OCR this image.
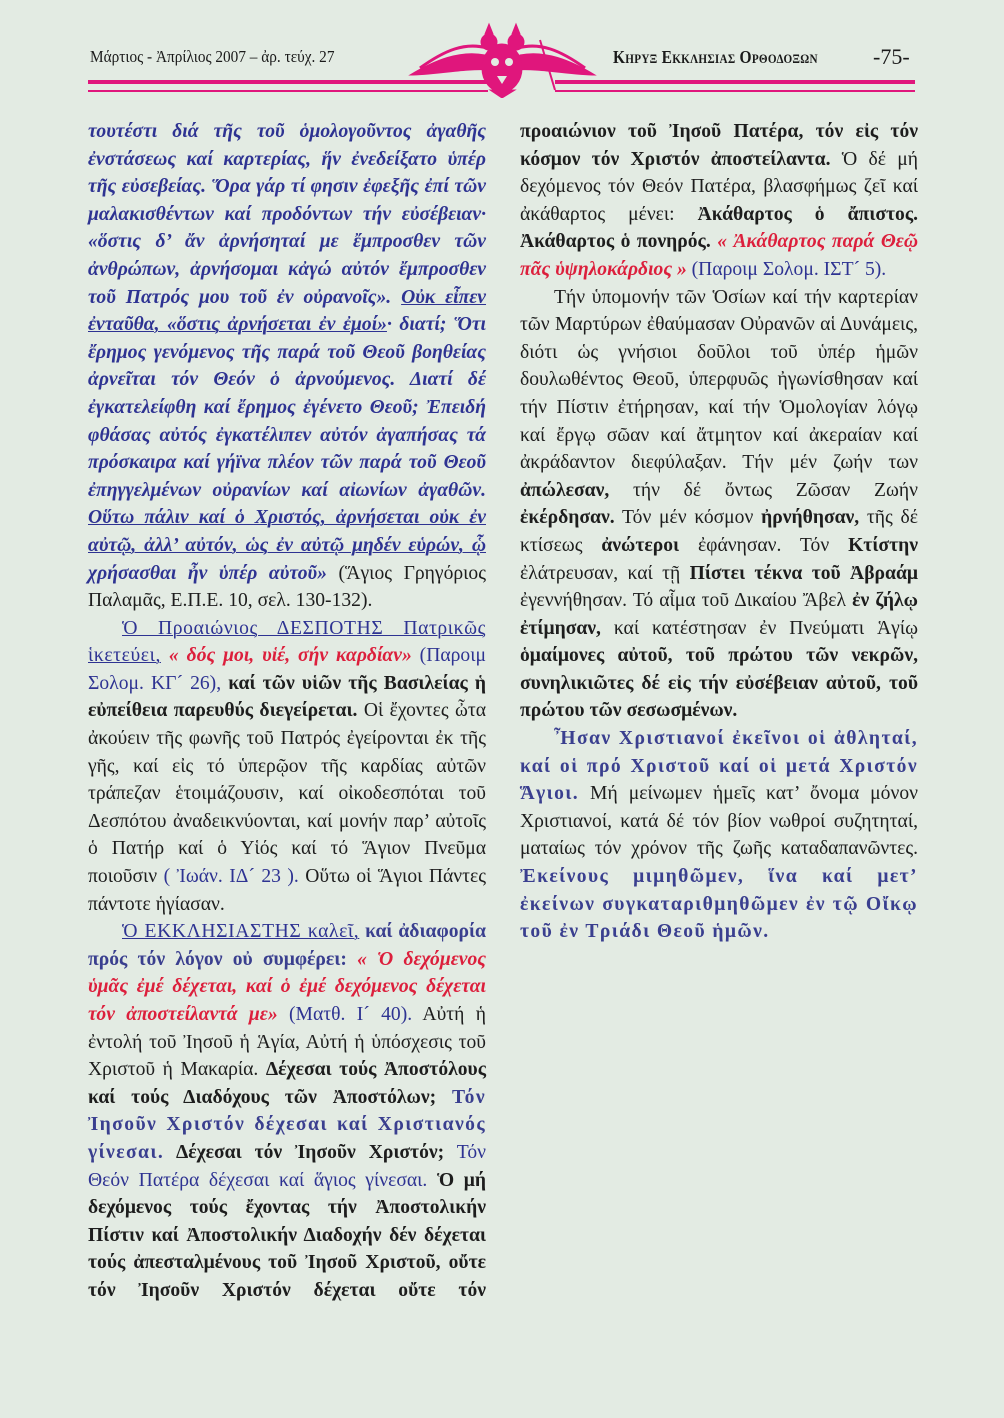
Μάρτιος - Ἀπρίλιος 2007 – ἀρ. τεύχ. 27	Κηρυξ Εκκλησιας Ορθοδοξων	-75-

τουτέστι διά τῆς τοῦ ὁμολογοῦντος ἀγαθῆς ἐνστάσεως καί καρτερίας, ἥν ἐνεδείξατο ὑπέρ τῆς εὐσεβείας. Ὅρα γάρ τί φησιν ἐφεξῆς ἐπί τῶν μαλακισθέντων καί προδόντων τήν εὐσέβειαν· «ὅστις δ’ ἄν ἀρνήσηταί με ἔμπροσθεν τῶν ἀνθρώπων, ἀρνήσομαι κἀγώ αὐτόν ἔμπροσθεν τοῦ Πατρός μου τοῦ ἐν οὐρανοῖς». Οὐκ εἶπεν ἐνταῦθα, «ὅστις ἀρνήσεται ἐν ἐμοί»· διατί; Ὅτι ἔρημος γενόμενος τῆς παρά τοῦ Θεοῦ βοηθείας ἀρνεῖται τόν Θεόν ὁ ἀρνούμενος. Διατί δέ ἐγκατελείφθη καί ἔρημος ἐγένετο Θεοῦ; Ἐπειδή φθάσας αὐτός ἐγκατέλιπεν αὐτόν ἀγαπήσας τά πρόσκαιρα καί γήϊνα πλέον τῶν παρά τοῦ Θεοῦ ἐπηγγελμένων οὐρανίων καί αἰωνίων ἀγαθῶν. Οὕτω πάλιν καί ὁ Χριστός, ἀρνήσεται οὐκ ἐν αὐτῷ, ἀλλ’ αὐτόν, ὡς ἐν αὐτῷ μηδέν εὑρών, ᾧ χρήσασθαι ἦν ὑπέρ αὐτοῦ» (Ἅγιος Γρηγόριος Παλαμᾶς, Ε.Π.Ε. 10, σελ. 130-132).

Ὁ Προαιώνιος ΔΕΣΠΟΤΗΣ Πατρικῶς ἱκετεύει, « δός μοι, υἱέ, σήν καρδίαν» (Παροιμ Σολομ. ΚΓ´ 26), καί τῶν υἱῶν τῆς Βασιλείας ἡ εὐπείθεια παρευθύς διεγείρεται. Οἱ ἔχοντες ὦτα ἀκούειν τῆς φωνῆς τοῦ Πατρός ἐγείρονται ἐκ τῆς γῆς, καί εἰς τό ὑπερῷον τῆς καρδίας αὐτῶν τράπεζαν ἑτοιμάζουσιν, καί οἰκοδεσπόται τοῦ Δεσπότου ἀναδεικνύονται, καί μονήν παρ’ αὐτοῖς ὁ Πατήρ καί ὁ Υἱός καί τό Ἅγιον Πνεῦμα ποιοῦσιν ( Ἰωάν. ΙΔ´ 23 ). Οὕτω οἱ Ἅγιοι Πάντες πάντοτε ἡγίασαν.

Ὁ ΕΚΚΛΗΣΙΑΣΤΗΣ καλεῖ, καί ἀδιαφορία πρός τόν λόγον οὐ συμφέρει: « Ὁ δεχόμενος ὑμᾶς ἐμέ δέχεται, καί ὁ ἐμέ δεχόμενος δέχεται τόν ἀποστείλαντά με» (Ματθ. Ι´ 40). Αὐτή ἡ ἐντολή τοῦ Ἰησοῦ ἡ Ἁγία, Αὐτή ἡ ὑπόσχεσις τοῦ Χριστοῦ ἡ Μακαρία. Δέχεσαι τούς Ἀποστόλους καί τούς Διαδόχους τῶν Ἀποστόλων; Τόν Ἰησοῦν Χριστόν δέχεσαι καί Χριστιανός γίνεσαι. Δέχεσαι τόν Ἰησοῦν Χριστόν; Τόν Θεόν Πατέρα δέχεσαι καί ἅγιος γίνεσαι. Ὁ μή δεχόμενος τούς ἔχοντας τήν Ἀποστολικήν Πίστιν καί Ἀποστολικήν Διαδοχήν δέν δέχεται τούς ἀπεσταλμένους τοῦ Ἰησοῦ Χριστοῦ, οὔτε τόν Ἰησοῦν Χριστόν δέχεται οὔτε τόν προαιώνιον τοῦ Ἰησοῦ Πατέρα, τόν εἰς τόν κόσμον τόν Χριστόν ἀποστείλαντα. Ὁ δέ μή δεχόμενος τόν Θεόν Πατέρα, βλασφήμως ζεῖ καί ἀκάθαρτος μένει: Ἀκάθαρτος ὁ ἄπιστος. Ἀκάθαρτος ὁ πονηρός. « Ἀκάθαρτος παρά Θεῷ πᾶς ὑψηλοκάρδιος » (Παροιμ Σολομ. ΙΣΤ´ 5).

Τήν ὑπομονήν τῶν Ὁσίων καί τήν καρτερίαν τῶν Μαρτύρων ἐθαύμασαν Οὐρανῶν αἱ Δυνάμεις, διότι ὡς γνήσιοι δοῦλοι τοῦ ὑπέρ ἡμῶν δουλωθέντος Θεοῦ, ὑπερφυῶς ἠγωνίσθησαν καί τήν Πίστιν ἐτήρησαν, καί τήν Ὁμολογίαν λόγῳ καί ἔργῳ σῶαν καί ἄτμητον καί ἀκεραίαν καί ἀκράδαντον διεφύλαξαν. Τήν μέν ζωήν των ἀπώλεσαν, τήν δέ ὄντως Ζῶσαν Ζωήν ἐκέρδησαν. Τόν μέν κόσμον ἠρνήθησαν, τῆς δέ κτίσεως ἀνώτεροι ἐφάνησαν. Τόν Κτίστην ἐλάτρευσαν, καί τῇ Πίστει τέκνα τοῦ Ἀβραάμ ἐγεννήθησαν. Τό αἷμα τοῦ Δικαίου Ἄβελ ἐν ζήλῳ ἐτίμησαν, καί κατέστησαν ἐν Πνεύματι Ἁγίῳ ὁμαίμονες αὐτοῦ, τοῦ πρώτου τῶν νεκρῶν, συνηλικιῶτες δέ εἰς τήν εὐσέβειαν αὐτοῦ, τοῦ πρώτου τῶν σεσωσμένων.

Ἦσαν Χριστιανοί ἐκεῖνοι οἱ ἀθληταί, καί οἱ πρό Χριστοῦ καί οἱ μετά Χριστόν Ἅγιοι. Μή μείνωμεν ἡμεῖς κατ’ ὄνομα μόνον Χριστιανοί, κατά δέ τόν βίον νωθροί συζητηταί, ματαίως τόν χρόνον τῆς ζωῆς καταδαπανῶντες. Ἐκείνους μιμηθῶμεν, ἵνα καί μετ’ ἐκείνων συγκαταριθμηθῶμεν ἐν τῷ Οἴκῳ τοῦ ἐν Τριάδι Θεοῦ ἡμῶν.
